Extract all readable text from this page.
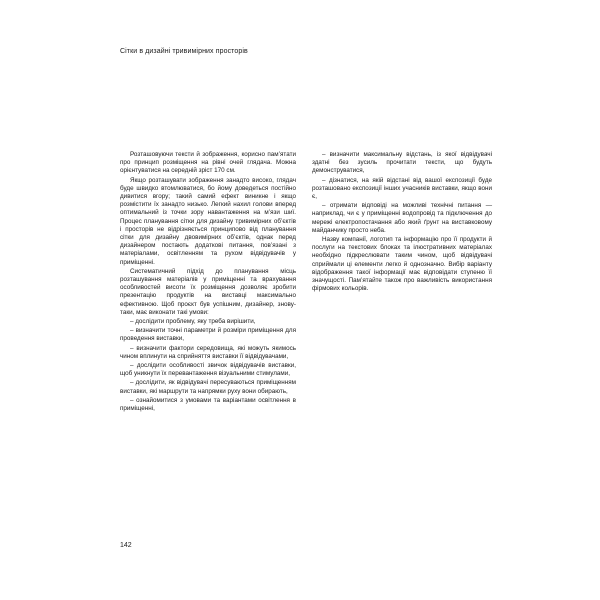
Сітки в дизайні тривимірних просторів

Розташовуючи тексти й зображення, корисно пам’ятати про принцип розміщення на рівні очей глядача. Можна орієнтуватися на середній зріст 170 см.

Якщо розташувати зображення занадто високо, глядач буде швидко втомлюватися, бо йому доведеться постійно дивитися вгору; такий самий ефект виникне і якщо розмістити їх занадто низько. Легкий нахил голови вперед оптимальний із точки зору навантаження на м’язи шиї. Процес планування сітки для дизайну тривимірних об’єктів і просторів не відрізняється принципово від планування сітки для дизайну двовимірних об’єктів, однак перед дизайнером постають додаткові питання, пов’язані з матеріалами, освітленням та рухом відвідувачів у приміщенні.

Систематичний підхід до планування місць розташування матеріалів у приміщенні та врахування особливостей висоти їх розміщення дозволяє зробити презентацію продуктів на виставці максимально ефективною. Щоб проєкт був успішним, дизайнер, знову-таки, має виконати такі умови:

– дослідити проблему, яку треба вирішити,

– визначити точні параметри й розміри приміщення для проведення виставки,

– визначити фактори середовища, які можуть якимось чином вплинути на сприйняття виставки її відвідувачами,

– дослідити особливості звичок відвідувачів виставки, щоб уникнути їх перевантаження візуальними стимулами,

– дослідити, як відвідувачі пересуваються приміщенням виставки, які маршрути та напрямки руху вони обирають,

– ознайомитися з умовами та варіантами освітлення в приміщенні,

– визначити максимальну відстань, із якої відвідувачі здатні без зусиль прочитати тексти, що будуть демонструватися,

– дізнатися, на якій відстані від вашої експозиції буде розташовано експозиції інших учасників виставки, якщо вони є,

– отримати відповіді на можливі технічні питання — наприклад, чи є у приміщенні водопровід та підключення до мережі електропостачання або який ґрунт на виставковому майданчику просто неба.

Назву компанії, логотип та інформацію про її продукти й послуги на текстових блоках та ілюстративних матеріалах необхідно підкреслювати таким чином, щоб відвідувачі сприймали ці елементи легко й однозначно. Вибір варіанту відображення такої інформації має відповідати ступеню її значущості. Пам’ятайте також про важливість використання фірмових кольорів.

142
